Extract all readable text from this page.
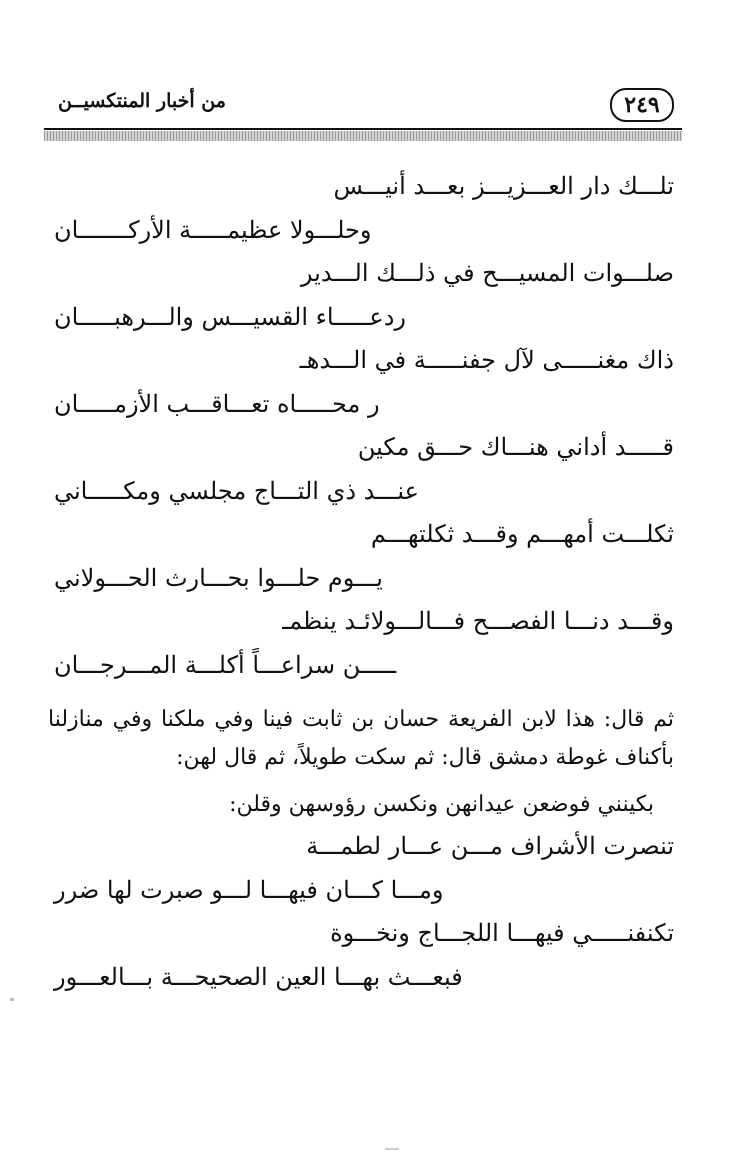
٢٤٩
من أخبار المنتكسيــن
تلـــك دار العـــزيـــز بعـــد أنيـــس
وحلـــولا عظيمـــــة الأركـــــــان
صلـــوات المسيـــح في ذلـــك الـــدير
ردعـــــاء القسيـــس والـــرهبـــــان
ذاك مغنـــــى لآل جفنـــــة في الـــدهـ
ر محـــــاه تعـــاقـــب الأزمـــــان
قـــــد أداني هنـــاك حـــق مكين
عنـــد ذي التـــاج مجلسي ومكـــــاني
ثكلـــت أمهـــم وقـــد ثكلتهـــم
يـــوم حلـــوا بحـــارث الحـــولاني
وقـــد دنـــا الفصـــح فـــالـــولائـد ينظمـ
ـــــن سراعـــاً أكلـــة المـــرجـــان
ثم قال: هذا لابن الفريعة حسان بن ثابت فينا وفي ملكنا وفي منازلنا بأكناف غوطة دمشق قال: ثم سكت طويلاً، ثم قال لهن:
بكينني فوضعن عيدانهن ونكسن رؤوسهن وقلن:
تنصرت الأشراف مـــن عـــار لطمـــة
ومـــا كـــان فيهـــا لـــو صبرت لها ضرر
تكنفنـــــي فيهـــا اللجـــاج ونخـــوة
فبعـــث بهـــا العين الصحيحـــة بـــالعـــور
